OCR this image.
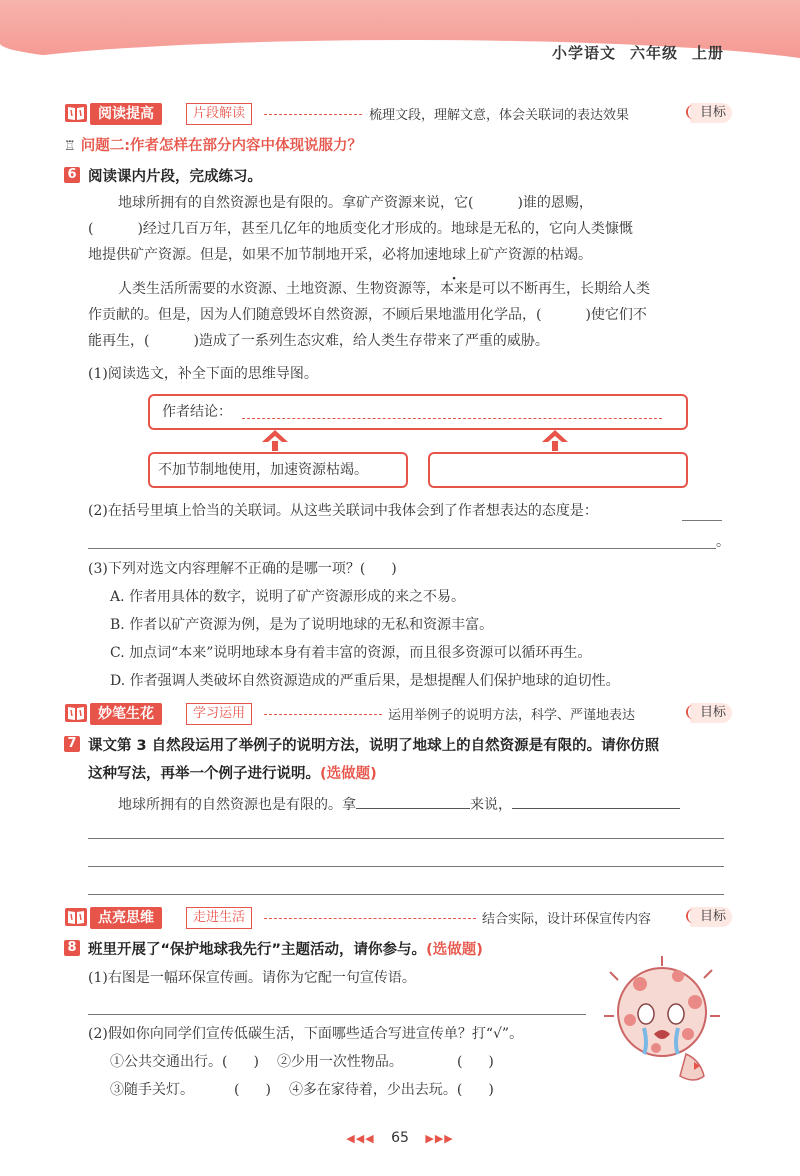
小学语文 六年级 上册
阅读提高	片段解读	梳理文段，理解文意，体会关联词的表达效果	目标
♖ 问题二:作者怎样在部分内容中体现说服力？
6 阅读课内片段，完成练习。
地球所拥有的自然资源也是有限的。拿矿产资源来说，它(	)谁的恩赐，
(	)经过几百万年，甚至几亿年的地质变化才形成的。地球是无私的，它向人类慷慨
地提供矿产资源。但是，如果不加节制地开采，必将加速地球上矿产资源的枯竭。
人类生活所需要的水资源、土地资源、生物资源等，本来是可以不断再生，长期给人类
作贡献的。但是，因为人们随意毁坏自然资源，不顾后果地滥用化学品，(	)使它们不
能再生，(	)造成了一系列生态灾难，给人类生存带来了严重的威胁。
(1)阅读选文，补全下面的思维导图。
作者结论：
不加节制地使用，加速资源枯竭。
(2)在括号里填上恰当的关联词。从这些关联词中我体会到了作者想表达的态度是：
。
(3)下列对选文内容理解不正确的是哪一项？( )
A. 作者用具体的数字，说明了矿产资源形成的来之不易。
B. 作者以矿产资源为例，是为了说明地球的无私和资源丰富。
C. 加点词“本来”说明地球本身有着丰富的资源，而且很多资源可以循环再生。
D. 作者强调人类破坏自然资源造成的严重后果，是想提醒人们保护地球的迫切性。
妙笔生花	学习运用	运用举例子的说明方法，科学、严谨地表达	目标
7 课文第 3 自然段运用了举例子的说明方法，说明了地球上的自然资源是有限的。请你仿照
这种写法，再举一个例子进行说明。(选做题)
地球所拥有的自然资源也是有限的。拿	来说，
点亮思维	走进生活	结合实际，设计环保宣传内容	目标
8 班里开展了“保护地球我先行”主题活动，请你参与。(选做题)
(1)右图是一幅环保宣传画。请你为它配一句宣传语。
(2)假如你向同学们宣传低碳生活，下面哪些适合写进宣传单？打“√”。
①公共交通出行。( ) ②少用一次性物品。	( )
③随手关灯。	( ) ④多在家待着，少出去玩。( )
◀◀◀ 65 ▶▶▶
